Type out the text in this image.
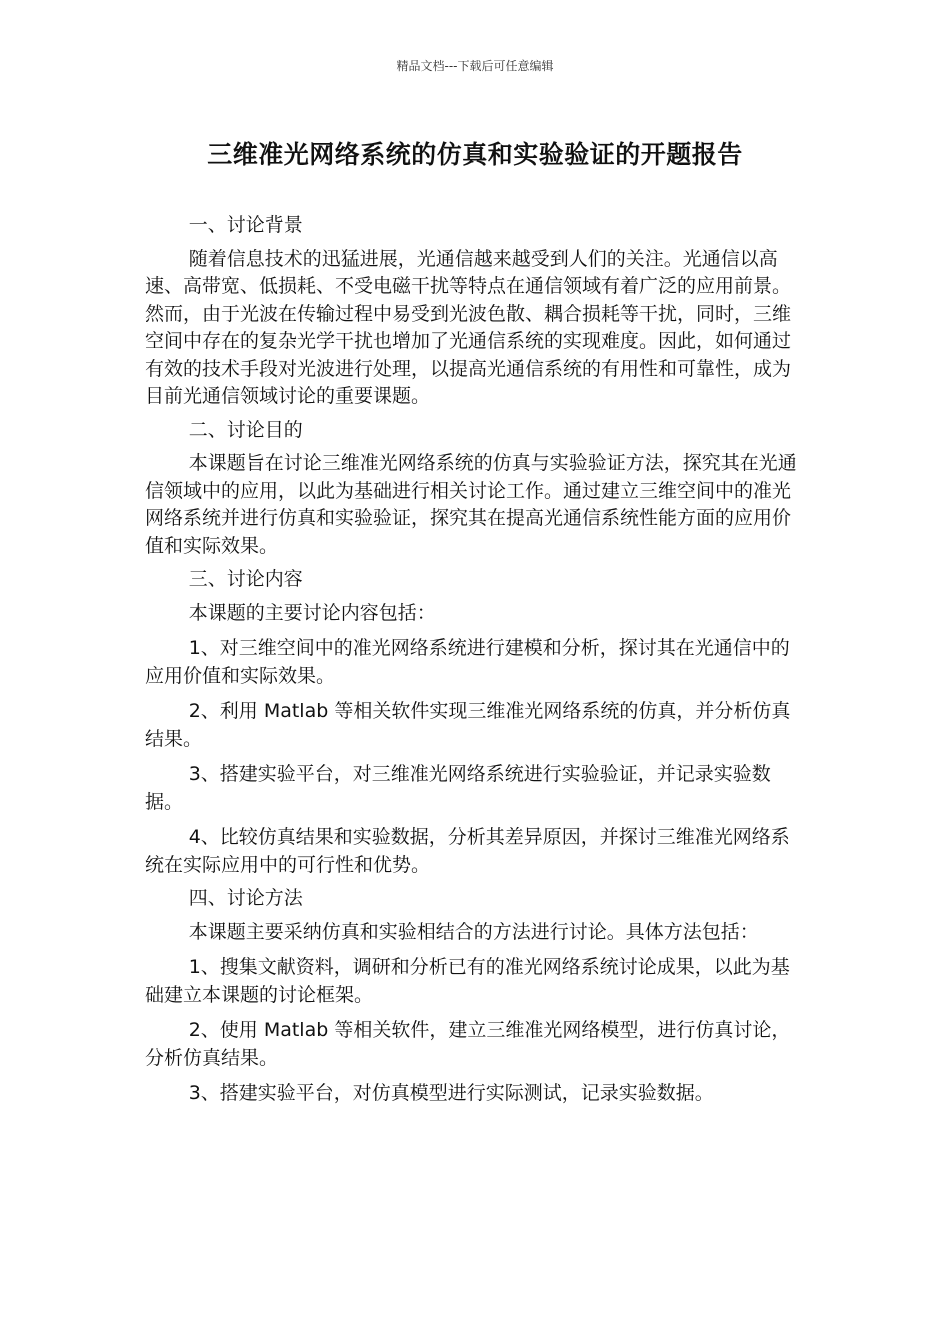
精品文档---下载后可任意编辑
三维准光网络系统的仿真和实验验证的开题报告

一、讨论背景

随着信息技术的迅猛进展，光通信越来越受到人们的关注。光通信以高速、高带宽、低损耗、不受电磁干扰等特点在通信领域有着广泛的应用前景。然而，由于光波在传输过程中易受到光波色散、耦合损耗等干扰，同时，三维空间中存在的复杂光学干扰也增加了光通信系统的实现难度。因此，如何通过有效的技术手段对光波进行处理，以提高光通信系统的有用性和可靠性，成为目前光通信领域讨论的重要课题。

二、讨论目的

本课题旨在讨论三维准光网络系统的仿真与实验验证方法，探究其在光通信领域中的应用，以此为基础进行相关讨论工作。通过建立三维空间中的准光网络系统并进行仿真和实验验证，探究其在提高光通信系统性能方面的应用价值和实际效果。

三、讨论内容

本课题的主要讨论内容包括：

1、对三维空间中的准光网络系统进行建模和分析，探讨其在光通信中的应用价值和实际效果。

2、利用 Matlab 等相关软件实现三维准光网络系统的仿真，并分析仿真结果。

3、搭建实验平台，对三维准光网络系统进行实验验证，并记录实验数据。

4、比较仿真结果和实验数据，分析其差异原因，并探讨三维准光网络系统在实际应用中的可行性和优势。

四、讨论方法

本课题主要采纳仿真和实验相结合的方法进行讨论。具体方法包括：

1、搜集文献资料，调研和分析已有的准光网络系统讨论成果，以此为基础建立本课题的讨论框架。

2、使用 Matlab 等相关软件，建立三维准光网络模型，进行仿真讨论，分析仿真结果。

3、搭建实验平台，对仿真模型进行实际测试，记录实验数据。
